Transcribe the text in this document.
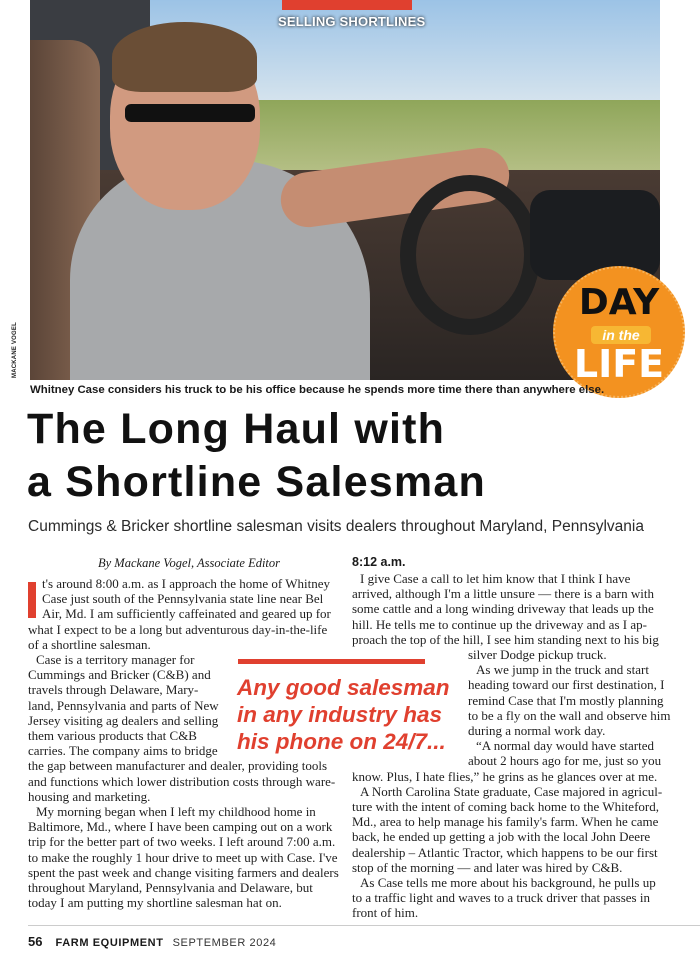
SELLING SHORTLINES
MACKANE VOGEL
DAY
in the
LIFE
Whitney Case considers his truck to be his office because he spends more time there than anywhere else.
The Long Haul with
a Shortline Salesman
Cummings & Bricker shortline salesman visits dealers throughout Maryland, Pennsylvania
By Mackane Vogel, Associate Editor	8:12 a.m.
t's around 8:00 a.m. as I approach the home of Whitney
Case just south of the Pennsylvania state line near Bel
Air, Md. I am sufficiently caffeinated and geared up for
what I expect to be a long but adventurous day-in-the-life
of a shortline salesman.
Case is a territory manager for
Cummings and Bricker (C&B) and
travels through Delaware, Mary-
land, Pennsylvania and parts of New
Jersey visiting ag dealers and selling
them various products that C&B
carries. The company aims to bridge
the gap between manufacturer and dealer, providing tools
and functions which lower distribution costs through ware-
housing and marketing.
My morning began when I left my childhood home in
Baltimore, Md., where I have been camping out on a work
trip for the better part of two weeks. I left around 7:00 a.m.
to make the roughly 1 hour drive to meet up with Case. I've
spent the past week and change visiting farmers and dealers
throughout Maryland, Pennsylvania and Delaware, but
today I am putting my shortline salesman hat on.
I give Case a call to let him know that I think I have
arrived, although I'm a little unsure — there is a barn with
some cattle and a long winding driveway that leads up the
hill. He tells me to continue up the driveway and as I ap-
proach the top of the hill, I see him standing next to his big
silver Dodge pickup truck.
As we jump in the truck and start
heading toward our first destination, I
remind Case that I'm mostly planning
to be a fly on the wall and observe him
during a normal work day.
“A normal day would have started
about 2 hours ago for me, just so you
know. Plus, I hate flies,” he grins as he glances over at me.
A North Carolina State graduate, Case majored in agricul-
ture with the intent of coming back home to the Whiteford,
Md., area to help manage his family's farm. When he came
back, he ended up getting a job with the local John Deere
dealership – Atlantic Tractor, which happens to be our first
stop of the morning — and later was hired by C&B.
As Case tells me more about his background, he pulls up
to a traffic light and waves to a truck driver that passes in
front of him.
Any good salesman
in any industry has
his phone on 24/7...
56 FARM EQUIPMENT SEPTEMBER 2024
